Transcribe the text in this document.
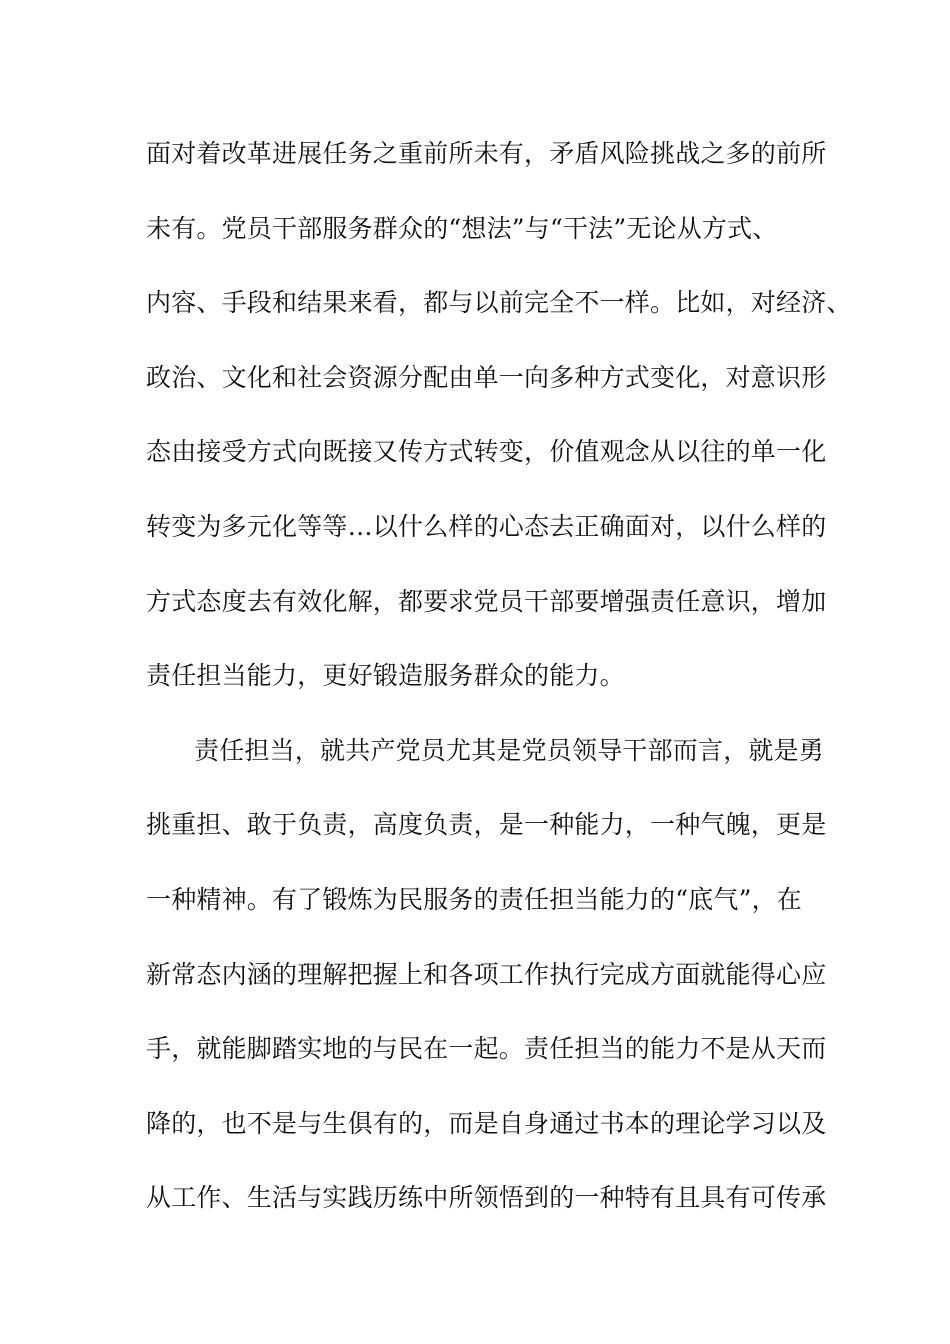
面对着改革进展任务之重前所未有，矛盾风险挑战之多的前所
未有。党员干部服务群众的“想法”与“干法”无论从方式、
内容、手段和结果来看，都与以前完全不一样。比如，对经济、
政治、文化和社会资源分配由单一向多种方式变化，对意识形
态由接受方式向既接又传方式转变，价值观念从以往的单一化
转变为多元化等等…以什么样的心态去正确面对，以什么样的
方式态度去有效化解，都要求党员干部要增强责任意识，增加
责任担当能力，更好锻造服务群众的能力。
责任担当，就共产党员尤其是党员领导干部而言，就是勇
挑重担、敢于负责，高度负责，是一种能力，一种气魄，更是
一种精神。有了锻炼为民服务的责任担当能力的“底气”，在
新常态内涵的理解把握上和各项工作执行完成方面就能得心应
手，就能脚踏实地的与民在一起。责任担当的能力不是从天而
降的，也不是与生俱有的，而是自身通过书本的理论学习以及
从工作、生活与实践历练中所领悟到的一种特有且具有可传承
